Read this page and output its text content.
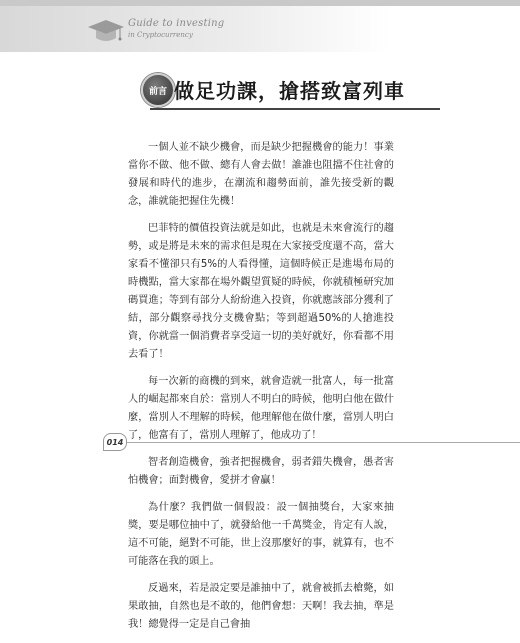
Guide to investing
in Cryptocurrency
前言 做足功課，搶搭致富列車

一個人並不缺少機會，而是缺少把握機會的能力！事業當你不做、他不做、總有人會去做！誰誰也阻擋不住社會的發展和時代的進步，在潮流和趨勢面前，誰先接受新的觀念，誰就能把握住先機！

巴菲特的價值投資法就是如此，也就是未來會流行的趨勢，或是將是未來的需求但是現在大家接受度還不高，當大家看不懂卻只有5%的人看得懂，這個時候正是進場布局的時機點，當大家都在場外觀望質疑的時候，你就積極研究加碼買進；等到有部分人紛紛進入投資，你就應該部分獲利了結，部分觀察尋找分支機會點；等到超過50%的人搶進投資，你就當一個消費者享受這一切的美好就好，你看都不用去看了！

每一次新的商機的到來，就會造就一批富人，每一批富人的崛起都來自於：當別人不明白的時候，他明白他在做什麼，當別人不理解的時候，他理解他在做什麼，當別人明白了，他富有了，當別人理解了，他成功了！

智者創造機會，強者把握機會，弱者錯失機會，愚者害怕機會；面對機會，愛拼才會贏！

為什麼？我們做一個假設：設一個抽獎台，大家來抽獎，要是哪位抽中了，就發給他一千萬獎金，肯定有人說，這不可能，絕對不可能，世上沒那麼好的事，就算有，也不可能落在我的頭上。

反過來，若是設定要是誰抽中了，就會被抓去槍斃，如果敢抽，自然也是不敢的，他們會想：天啊！我去抽，準是我！總覺得一定是自己會抽

014
